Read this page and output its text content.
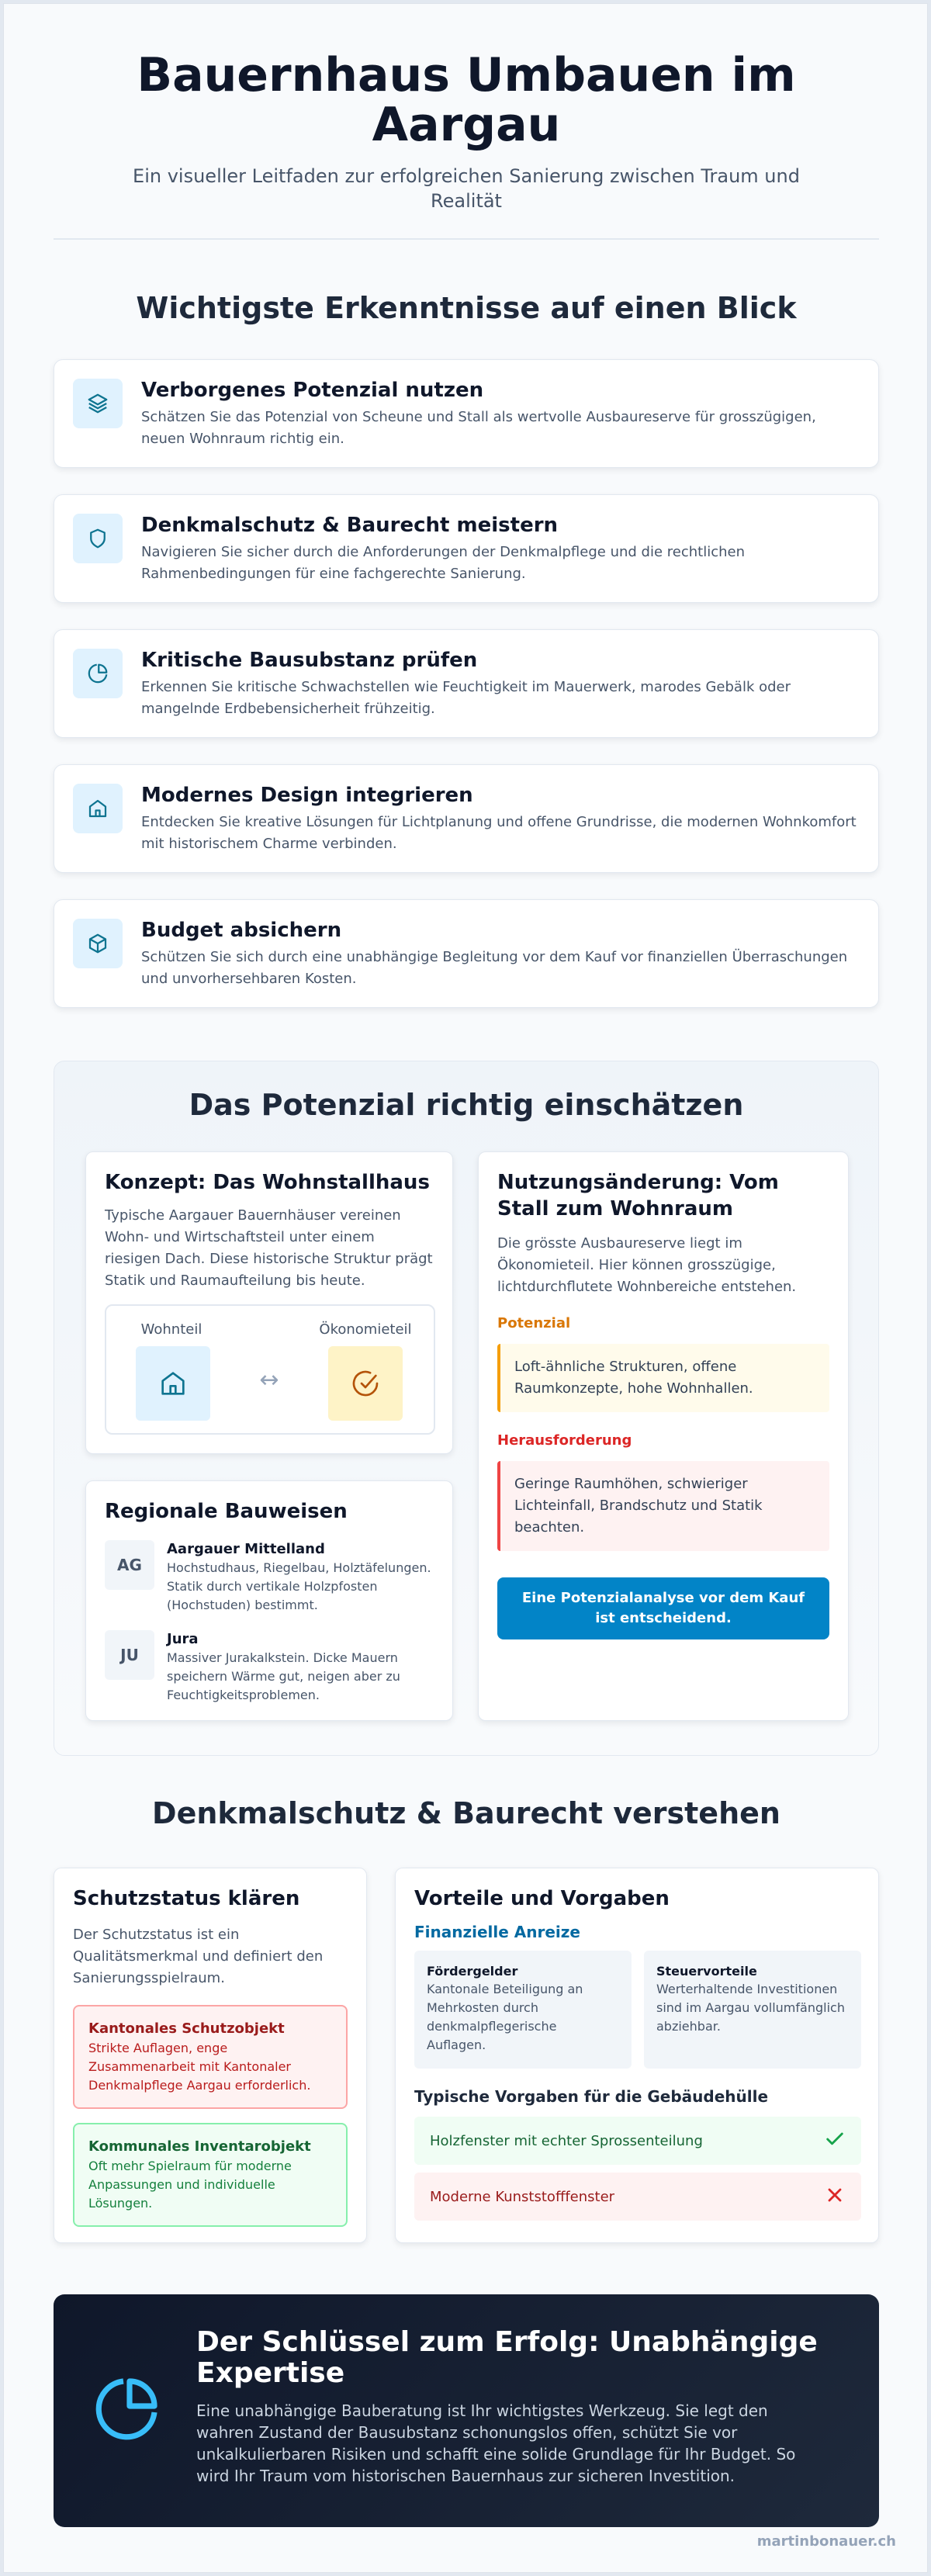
Bauernhaus Umbauen im Aargau

Ein visueller Leitfaden zur erfolgreichen Sanierung zwischen Traum und Realität

Wichtigste Erkenntnisse auf einen Blick
Verborgenes Potenzial nutzen

Schätzen Sie das Potenzial von Scheune und Stall als wertvolle Ausbaureserve für grosszügigen, neuen Wohnraum richtig ein.

Denkmalschutz & Baurecht meistern

Navigieren Sie sicher durch die Anforderungen der Denkmalpflege und die rechtlichen Rahmenbedingungen für eine fachgerechte Sanierung.

Kritische Bausubstanz prüfen

Erkennen Sie kritische Schwachstellen wie Feuchtigkeit im Mauerwerk, marodes Gebälk oder mangelnde Erdbebensicherheit frühzeitig.

Modernes Design integrieren

Entdecken Sie kreative Lösungen für Lichtplanung und offene Grundrisse, die modernen Wohnkomfort mit historischem Charme verbinden.

Budget absichern

Schützen Sie sich durch eine unabhängige Begleitung vor dem Kauf vor finanziellen Überraschungen und unvorhersehbaren Kosten.

Das Potenzial richtig einschätzen
Konzept: Das Wohnstallhaus

Typische Aargauer Bauernhäuser vereinen Wohn- und Wirtschaftsteil unter einem riesigen Dach. Diese historische Struktur prägt Statik und Raumaufteilung bis heute.

Wohnteil	Ökonomieteil
↔
Regionale Bauweisen
AG
Aargauer Mittelland

Hochstudhaus, Riegelbau, Holztäfelungen. Statik durch vertikale Holzpfosten (Hochstuden) bestimmt.

JU
Jura

Massiver Jurakalkstein. Dicke Mauern speichern Wärme gut, neigen aber zu Feuchtigkeitsproblemen.

Nutzungsänderung: Vom Stall zum Wohnraum

Die grösste Ausbaureserve liegt im Ökonomieteil. Hier können grosszügige, lichtdurchflutete Wohnbereiche entstehen.

Potenzial
Loft-ähnliche Strukturen, offene Raumkonzepte, hohe Wohnhallen.
Herausforderung
Geringe Raumhöhen, schwieriger Lichteinfall, Brandschutz und Statik beachten.
Eine Potenzialanalyse vor dem Kauf ist entscheidend.
Denkmalschutz & Baurecht verstehen
Schutzstatus klären

Der Schutzstatus ist ein Qualitätsmerkmal und definiert den Sanierungsspielraum.

Kantonales Schutzobjekt

Strikte Auflagen, enge Zusammenarbeit mit Kantonaler Denkmalpflege Aargau erforderlich.

Kommunales Inventarobjekt

Oft mehr Spielraum für moderne Anpassungen und individuelle Lösungen.

Vorteile und Vorgaben
Finanzielle Anreize
Fördergelder

Kantonale Beteiligung an Mehrkosten durch denkmalpflegerische Auflagen.

Steuervorteile

Werterhaltende Investitionen sind im Aargau vollumfänglich abziehbar.

Typische Vorgaben für die Gebäudehülle
Holzfenster mit echter Sprossenteilung
Moderne Kunststofffenster
Der Schlüssel zum Erfolg: Unabhängige Expertise

Eine unabhängige Bauberatung ist Ihr wichtigstes Werkzeug. Sie legt den wahren Zustand der Bausubstanz schonungslos offen, schützt Sie vor unkalkulierbaren Risiken und schafft eine solide Grundlage für Ihr Budget. So wird Ihr Traum vom historischen Bauernhaus zur sicheren Investition.

martinbonauer.ch
